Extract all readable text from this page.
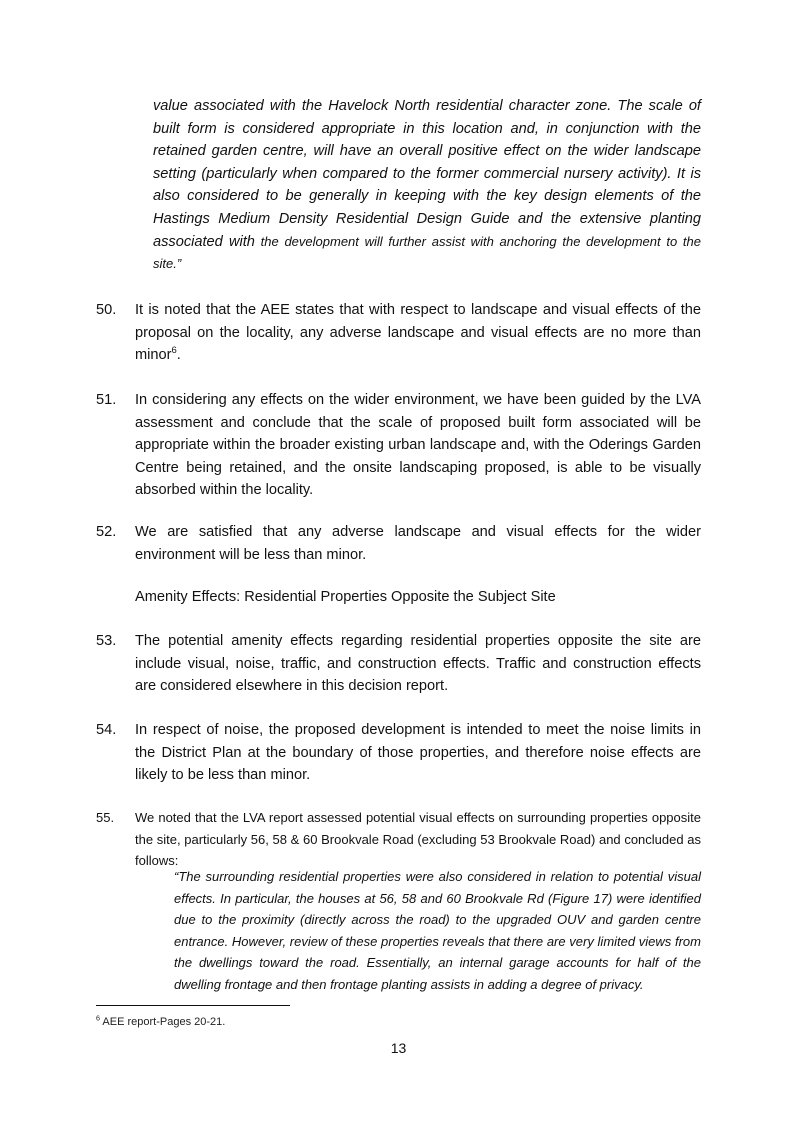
value associated with the Havelock North residential character zone. The scale of built form is considered appropriate in this location and, in conjunction with the retained garden centre, will have an overall positive effect on the wider landscape setting (particularly when compared to the former commercial nursery activity). It is also considered to be generally in keeping with the key design elements of the Hastings Medium Density Residential Design Guide and the extensive planting associated with the development will further assist with anchoring the development to the site.”
50. It is noted that the AEE states that with respect to landscape and visual effects of the proposal on the locality, any adverse landscape and visual effects are no more than minor$^6$.
51. In considering any effects on the wider environment, we have been guided by the LVA assessment and conclude that the scale of proposed built form associated will be appropriate within the broader existing urban landscape and, with the Oderings Garden Centre being retained, and the onsite landscaping proposed, is able to be visually absorbed within the locality.
52. We are satisfied that any adverse landscape and visual effects for the wider environment will be less than minor.
Amenity Effects: Residential Properties Opposite the Subject Site
53. The potential amenity effects regarding residential properties opposite the site are include visual, noise, traffic, and construction effects. Traffic and construction effects are considered elsewhere in this decision report.
54. In respect of noise, the proposed development is intended to meet the noise limits in the District Plan at the boundary of those properties, and therefore noise effects are likely to be less than minor.
55. We noted that the LVA report assessed potential visual effects on surrounding properties opposite the site, particularly 56, 58 & 60 Brookvale Road (excluding 53 Brookvale Road) and concluded as follows:
“The surrounding residential properties were also considered in relation to potential visual effects. In particular, the houses at 56, 58 and 60 Brookvale Rd (Figure 17) were identified due to the proximity (directly across the road) to the upgraded OUV and garden centre entrance. However, review of these properties reveals that there are very limited views from the dwellings toward the road. Essentially, an internal garage accounts for half of the dwelling frontage and then frontage planting assists in adding a degree of privacy.
$^6$ AEE report-Pages 20-21.
13
